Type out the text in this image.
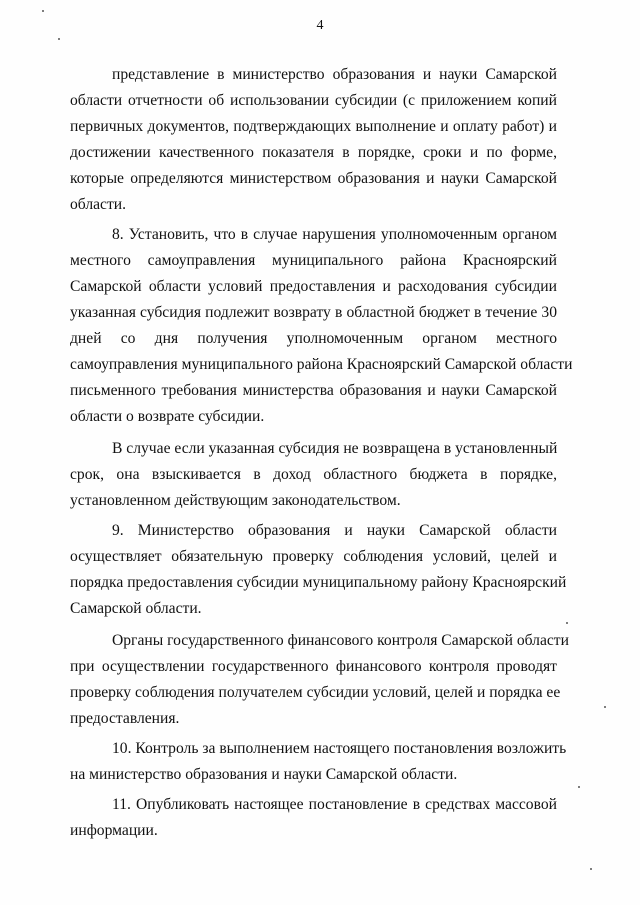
4
представление в министерство образования и науки Самарской
области отчетности об использовании субсидии (с приложением копий
первичных документов, подтверждающих выполнение и оплату работ) и
достижении качественного показателя в порядке, сроки и по форме,
которые определяются министерством образования и науки Самарской
области.
8. Установить, что в случае нарушения уполномоченным органом
местного самоуправления муниципального района Красноярский
Самарской области условий предоставления и расходования субсидии
указанная субсидия подлежит возврату в областной бюджет в течение 30
дней со дня получения уполномоченным органом местного
самоуправления муниципального района Красноярский Самарской области
письменного требования министерства образования и науки Самарской
области о возврате субсидии.
В случае если указанная субсидия не возвращена в установленный
срок, она взыскивается в доход областного бюджета в порядке,
установленном действующим законодательством.
9. Министерство образования и науки Самарской области
осуществляет обязательную проверку соблюдения условий, целей и
порядка предоставления субсидии муниципальному району Красноярский
Самарской области.
Органы государственного финансового контроля Самарской области
при осуществлении государственного финансового контроля проводят
проверку соблюдения получателем субсидии условий, целей и порядка ее
предоставления.
10. Контроль за выполнением настоящего постановления возложить
на министерство образования и науки Самарской области.
11. Опубликовать настоящее постановление в средствах массовой
информации.
